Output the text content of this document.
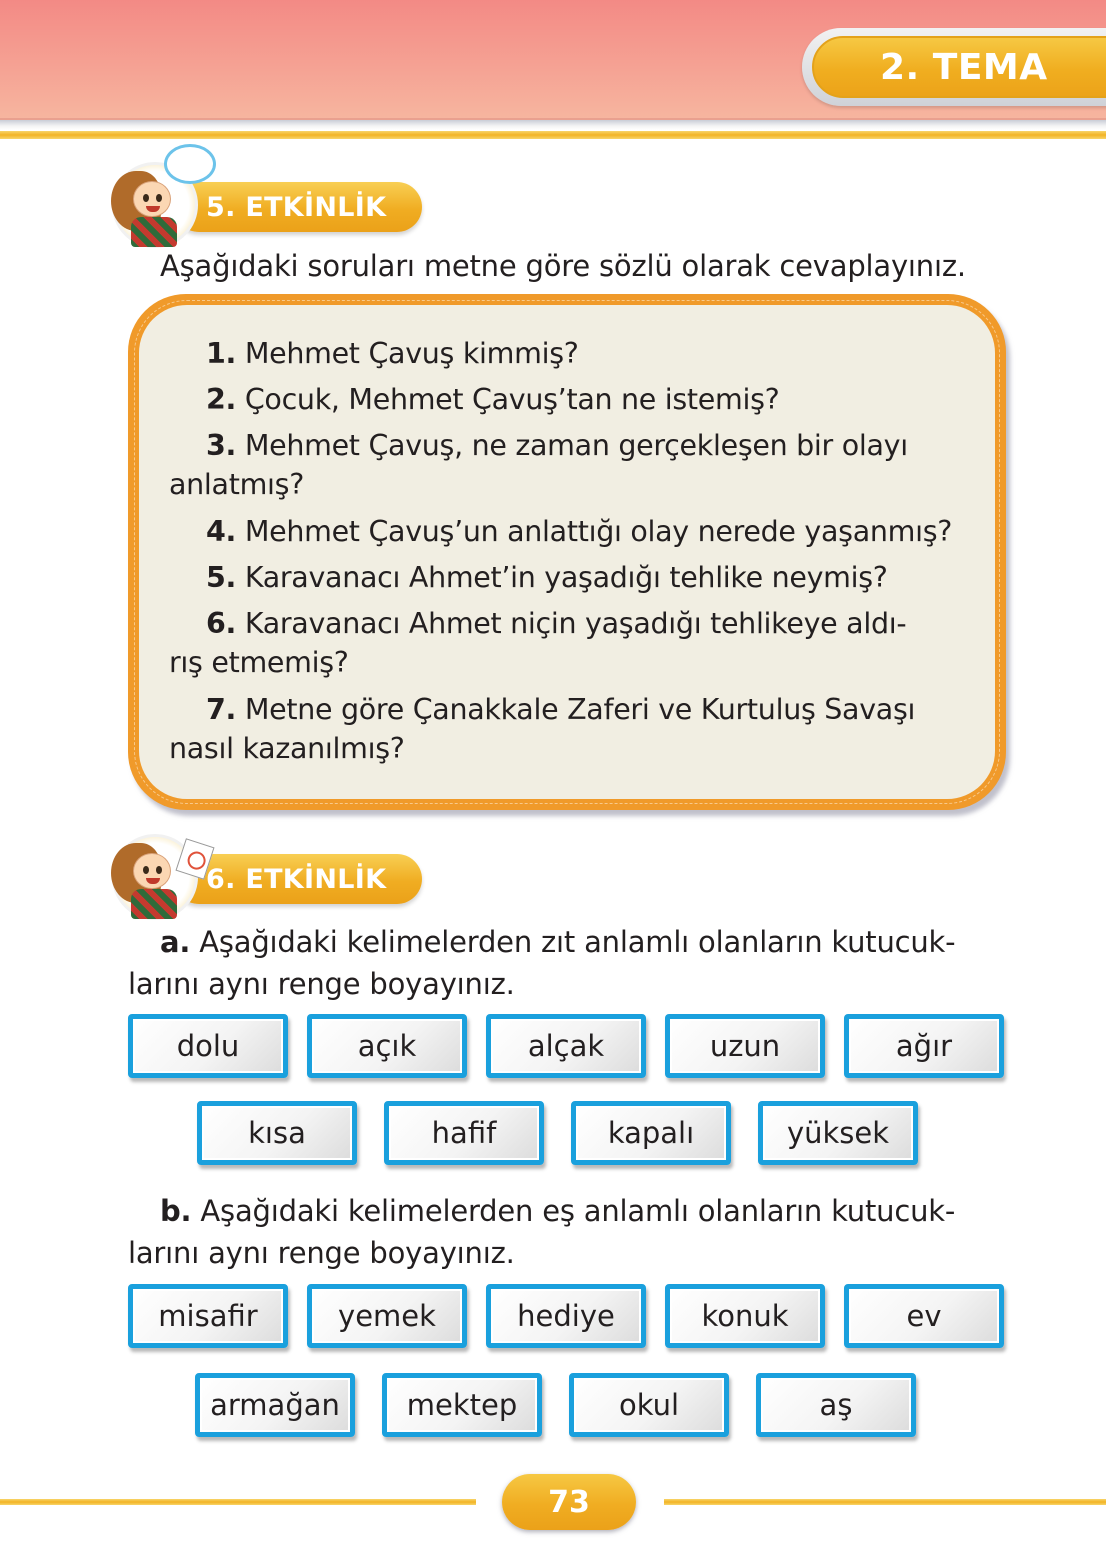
2. TEMA
5. ETKİNLİK
Aşağıdaki soruları metne göre sözlü olarak cevaplayınız.
1. Mehmet Çavuş kimmiş?
2. Çocuk, Mehmet Çavuş’tan ne istemiş?
3. Mehmet Çavuş, ne zaman gerçekleşen bir olayı
anlatmış?
4. Mehmet Çavuş’un anlattığı olay nerede yaşanmış?
5. Karavanacı Ahmet’in yaşadığı tehlike neymiş?
6. Karavanacı Ahmet niçin yaşadığı tehlikeye aldı-
rış etmemiş?
7. Metne göre Çanakkale Zaferi ve Kurtuluş Savaşı
nasıl kazanılmış?
6. ETKİNLİK
a. Aşağıdaki kelimelerden zıt anlamlı olanların kutucuk-
larını aynı renge boyayınız.
dolu	açık	alçak	uzun	ağır
kısa	hafif	kapalı	yüksek
b. Aşağıdaki kelimelerden eş anlamlı olanların kutucuk-
larını aynı renge boyayınız.
misafir	yemek	hediye	konuk	ev
armağan	mektep	okul	aş
73
